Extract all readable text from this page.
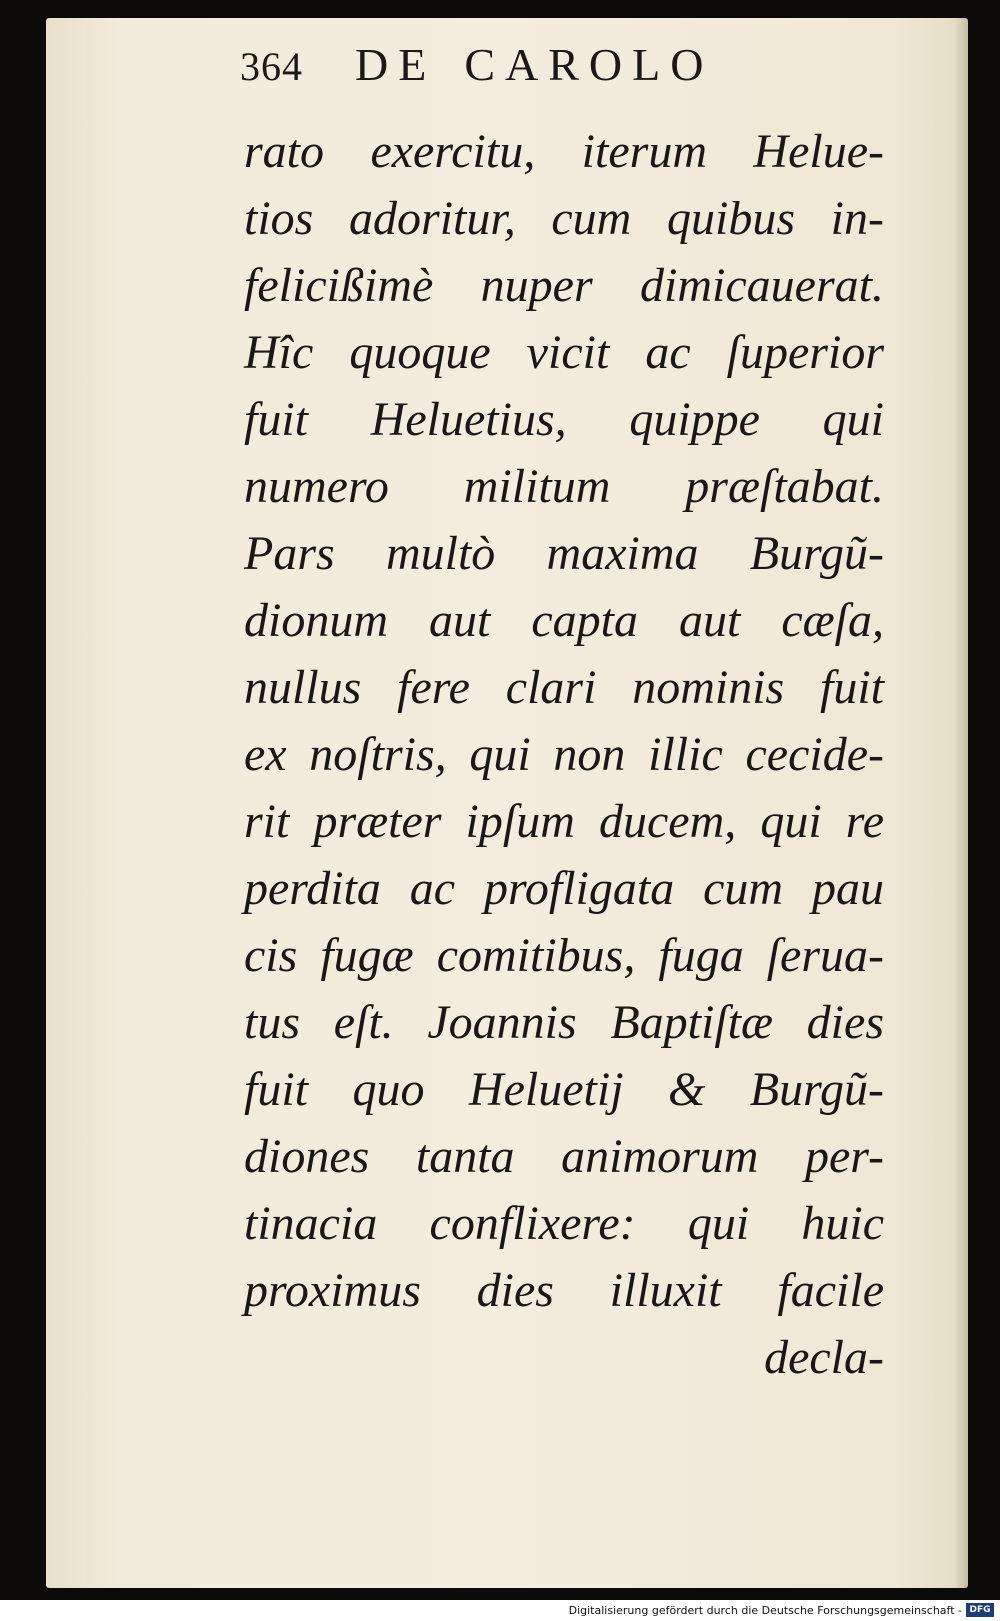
364 DE CAROLO
rato exercitu, iterum Helue-
tios adoritur, cum quibus in-
felicißimè nuper dimicauerat.
Hîc quoque vicit ac ſuperior
fuit Heluetius, quippe qui
numero militum præſtabat.
Pars multò maxima Burgũ-
dionum aut capta aut cæſa,
nullus fere clari nominis fuit
ex noſtris, qui non illic cecide-
rit præter ipſum ducem, qui re
perdita ac profligata cum pau
cis fugæ comitibus, fuga ſerua-
tus eſt. Joannis Baptiſtæ dies
fuit quo Heluetij & Burgũ-
diones tanta animorum per-
tinacia conflixere: qui huic
proximus dies illuxit facile
decla-
Digitalisierung gefördert durch die Deutsche Forschungsgemeinschaft - DFG
